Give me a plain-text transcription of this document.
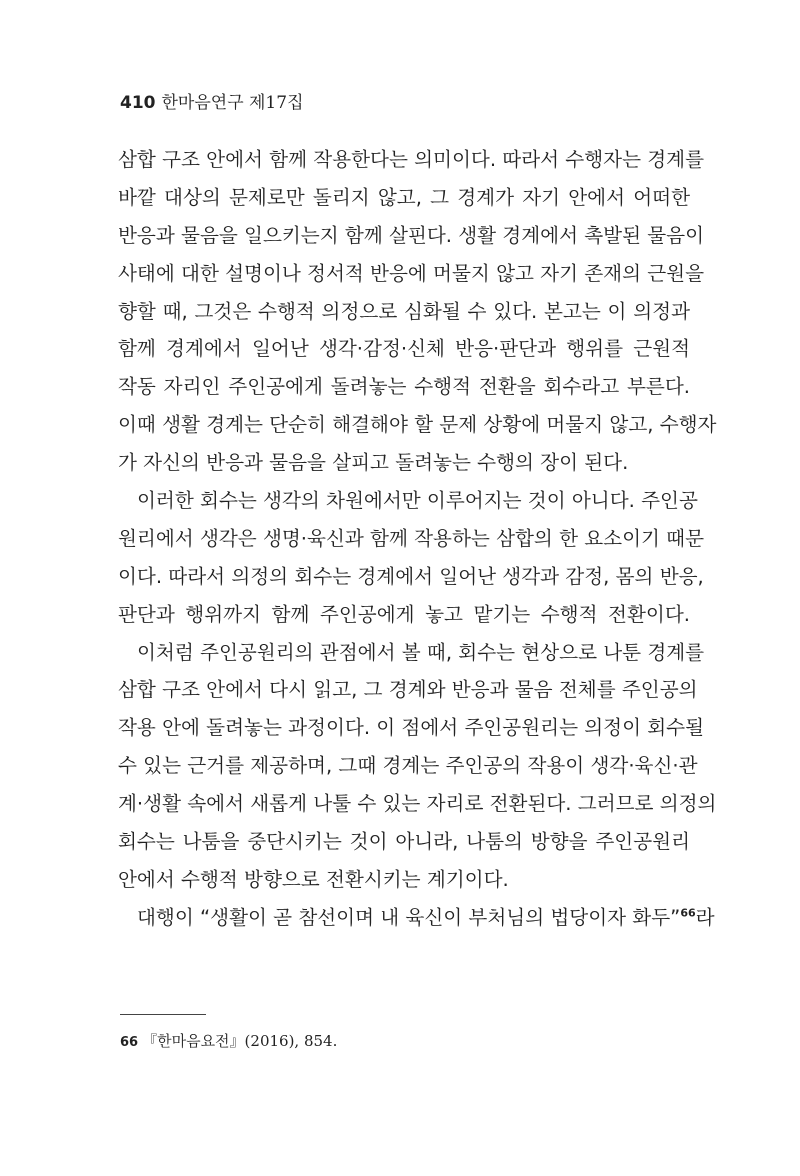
410 한마음연구 제17집
삼합 구조 안에서 함께 작용한다는 의미이다. 따라서 수행자는 경계를
바깥 대상의 문제로만 돌리지 않고, 그 경계가 자기 안에서 어떠한
반응과 물음을 일으키는지 함께 살핀다. 생활 경계에서 촉발된 물음이
사태에 대한 설명이나 정서적 반응에 머물지 않고 자기 존재의 근원을
향할 때, 그것은 수행적 의정으로 심화될 수 있다. 본고는 이 의정과
함께 경계에서 일어난 생각·감정·신체 반응·판단과 행위를 근원적
작동 자리인 주인공에게 돌려놓는 수행적 전환을 회수라고 부른다.
이때 생활 경계는 단순히 해결해야 할 문제 상황에 머물지 않고, 수행자
가 자신의 반응과 물음을 살피고 돌려놓는 수행의 장이 된다.
이러한 회수는 생각의 차원에서만 이루어지는 것이 아니다. 주인공
원리에서 생각은 생명·육신과 함께 작용하는 삼합의 한 요소이기 때문
이다. 따라서 의정의 회수는 경계에서 일어난 생각과 감정, 몸의 반응,
판단과 행위까지 함께 주인공에게 놓고 맡기는 수행적 전환이다.
이처럼 주인공원리의 관점에서 볼 때, 회수는 현상으로 나툰 경계를
삼합 구조 안에서 다시 읽고, 그 경계와 반응과 물음 전체를 주인공의
작용 안에 돌려놓는 과정이다. 이 점에서 주인공원리는 의정이 회수될
수 있는 근거를 제공하며, 그때 경계는 주인공의 작용이 생각·육신·관
계·생활 속에서 새롭게 나툴 수 있는 자리로 전환된다. 그러므로 의정의
회수는 나툼을 중단시키는 것이 아니라, 나툼의 방향을 주인공원리
안에서 수행적 방향으로 전환시키는 계기이다.
대행이 “생활이 곧 참선이며 내 육신이 부처님의 법당이자 화두”$^{66}$라
66 『한마음요전』(2016), 854.
